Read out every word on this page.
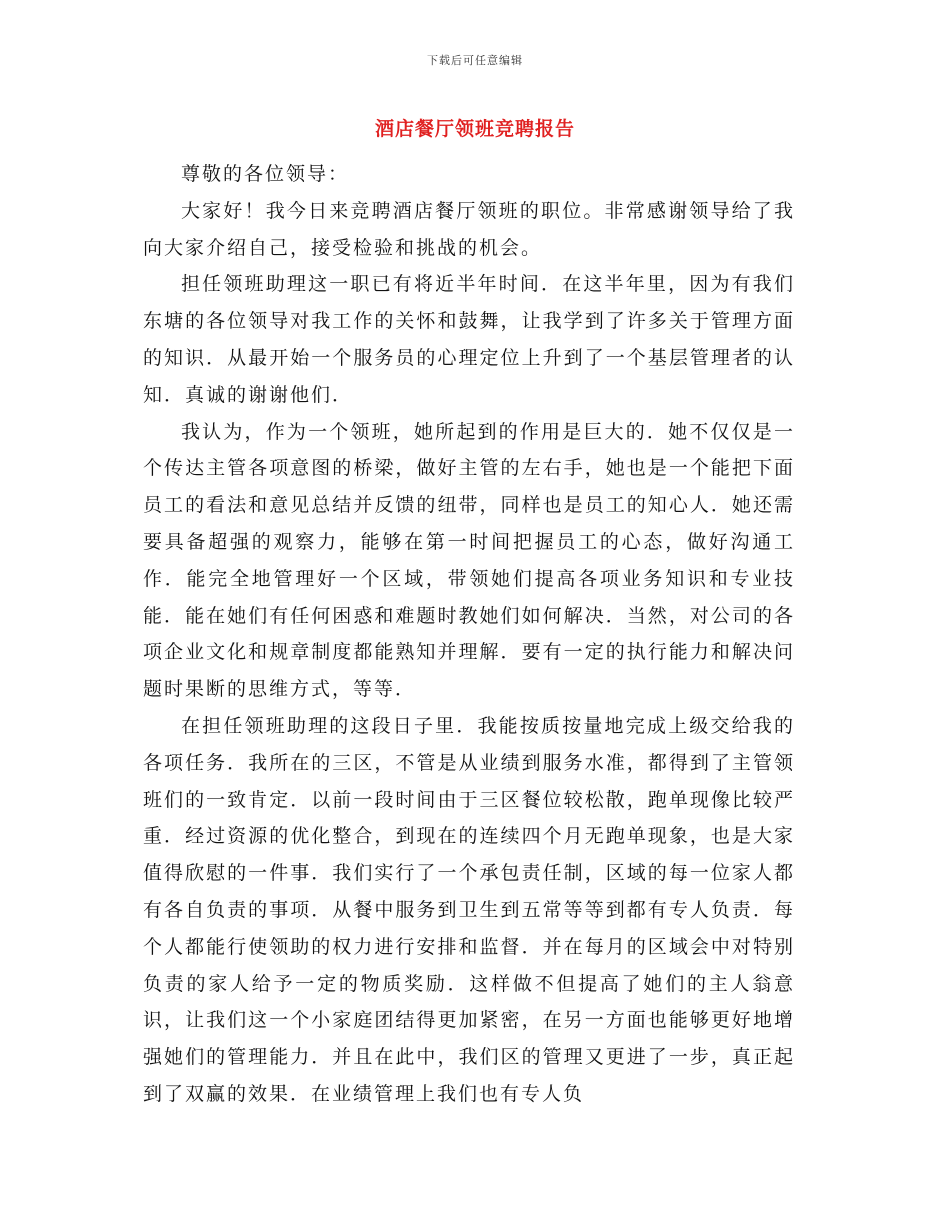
下载后可任意编辑
酒店餐厅领班竞聘报告

尊敬的各位领导：

大家好！我今日来竞聘酒店餐厅领班的职位。非常感谢领导给了我向大家介绍自己，接受检验和挑战的机会。

担任领班助理这一职已有将近半年时间．在这半年里，因为有我们东塘的各位领导对我工作的关怀和鼓舞，让我学到了许多关于管理方面的知识．从最开始一个服务员的心理定位上升到了一个基层管理者的认知．真诚的谢谢他们．

我认为，作为一个领班，她所起到的作用是巨大的．她不仅仅是一个传达主管各项意图的桥梁，做好主管的左右手，她也是一个能把下面员工的看法和意见总结并反馈的纽带，同样也是员工的知心人．她还需要具备超强的观察力，能够在第一时间把握员工的心态，做好沟通工作．能完全地管理好一个区域，带领她们提高各项业务知识和专业技能．能在她们有任何困惑和难题时教她们如何解决．当然，对公司的各项企业文化和规章制度都能熟知并理解．要有一定的执行能力和解决问题时果断的思维方式，等等．

在担任领班助理的这段日子里．我能按质按量地完成上级交给我的各项任务．我所在的三区，不管是从业绩到服务水准，都得到了主管领班们的一致肯定．以前一段时间由于三区餐位较松散，跑单现像比较严重．经过资源的优化整合，到现在的连续四个月无跑单现象，也是大家值得欣慰的一件事．我们实行了一个承包责任制，区域的每一位家人都有各自负责的事项．从餐中服务到卫生到五常等等到都有专人负责．每个人都能行使领助的权力进行安排和监督．并在每月的区域会中对特别负责的家人给予一定的物质奖励．这样做不但提高了她们的主人翁意识，让我们这一个小家庭团结得更加紧密，在另一方面也能够更好地增强她们的管理能力．并且在此中，我们区的管理又更进了一步，真正起到了双赢的效果．在业绩管理上我们也有专人负
